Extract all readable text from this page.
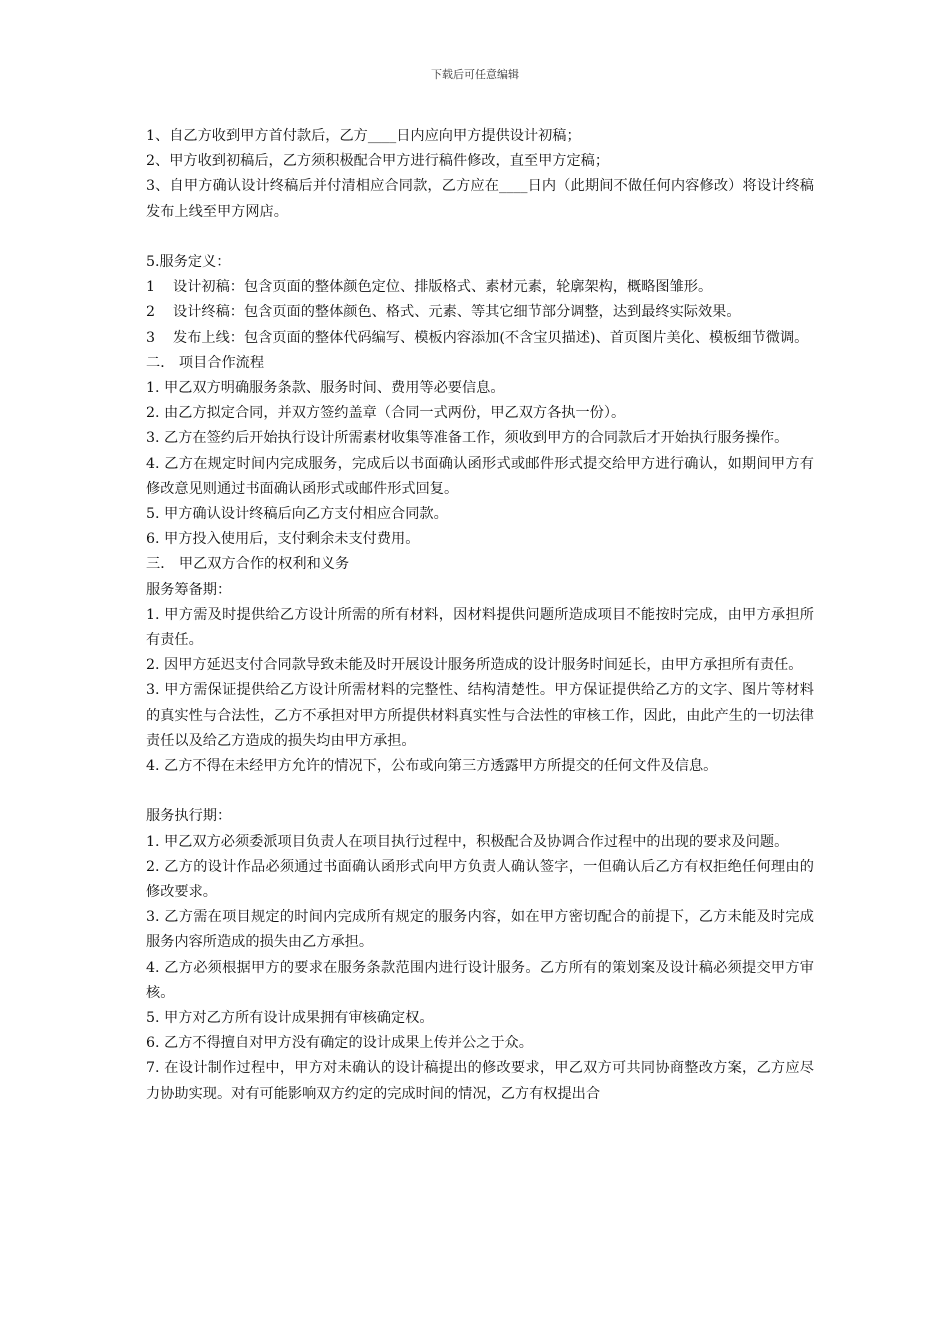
下载后可任意编辑

1、自乙方收到甲方首付款后，乙方____日内应向甲方提供设计初稿；

2、甲方收到初稿后，乙方须积极配合甲方进行稿件修改，直至甲方定稿；

3、自甲方确认设计终稿后并付清相应合同款，乙方应在____日内（此期间不做任何内容修改）将设计终稿发布上线至甲方网店。

5.服务定义：

1	设计初稿：包含页面的整体颜色定位、排版格式、素材元素，轮廓架构，概略图雏形。
2	设计终稿：包含页面的整体颜色、格式、元素、等其它细节部分调整，达到最终实际效果。
3	发布上线：包含页面的整体代码编写、模板内容添加(不含宝贝描述)、首页图片美化、模板细节微调。

二． 项目合作流程

1. 甲乙双方明确服务条款、服务时间、费用等必要信息。

2. 由乙方拟定合同，并双方签约盖章（合同一式两份，甲乙双方各执一份）。

3. 乙方在签约后开始执行设计所需素材收集等准备工作，须收到甲方的合同款后才开始执行服务操作。

4. 乙方在规定时间内完成服务，完成后以书面确认函形式或邮件形式提交给甲方进行确认，如期间甲方有修改意见则通过书面确认函形式或邮件形式回复。

5. 甲方确认设计终稿后向乙方支付相应合同款。

6. 甲方投入使用后，支付剩余未支付费用。

三． 甲乙双方合作的权利和义务

服务筹备期：

1. 甲方需及时提供给乙方设计所需的所有材料，因材料提供问题所造成项目不能按时完成，由甲方承担所有责任。

2. 因甲方延迟支付合同款导致未能及时开展设计服务所造成的设计服务时间延长，由甲方承担所有责任。

3. 甲方需保证提供给乙方设计所需材料的完整性、结构清楚性。甲方保证提供给乙方的文字、图片等材料的真实性与合法性，乙方不承担对甲方所提供材料真实性与合法性的审核工作，因此，由此产生的一切法律责任以及给乙方造成的损失均由甲方承担。

4. 乙方不得在未经甲方允许的情况下，公布或向第三方透露甲方所提交的任何文件及信息。

服务执行期：

1. 甲乙双方必须委派项目负责人在项目执行过程中，积极配合及协调合作过程中的出现的要求及问题。

2. 乙方的设计作品必须通过书面确认函形式向甲方负责人确认签字，一但确认后乙方有权拒绝任何理由的修改要求。

3. 乙方需在项目规定的时间内完成所有规定的服务内容，如在甲方密切配合的前提下，乙方未能及时完成服务内容所造成的损失由乙方承担。

4. 乙方必须根据甲方的要求在服务条款范围内进行设计服务。乙方所有的策划案及设计稿必须提交甲方审核。

5. 甲方对乙方所有设计成果拥有审核确定权。

6. 乙方不得擅自对甲方没有确定的设计成果上传并公之于众。

7. 在设计制作过程中，甲方对未确认的设计稿提出的修改要求，甲乙双方可共同协商整改方案，乙方应尽力协助实现。对有可能影响双方约定的完成时间的情况，乙方有权提出合
